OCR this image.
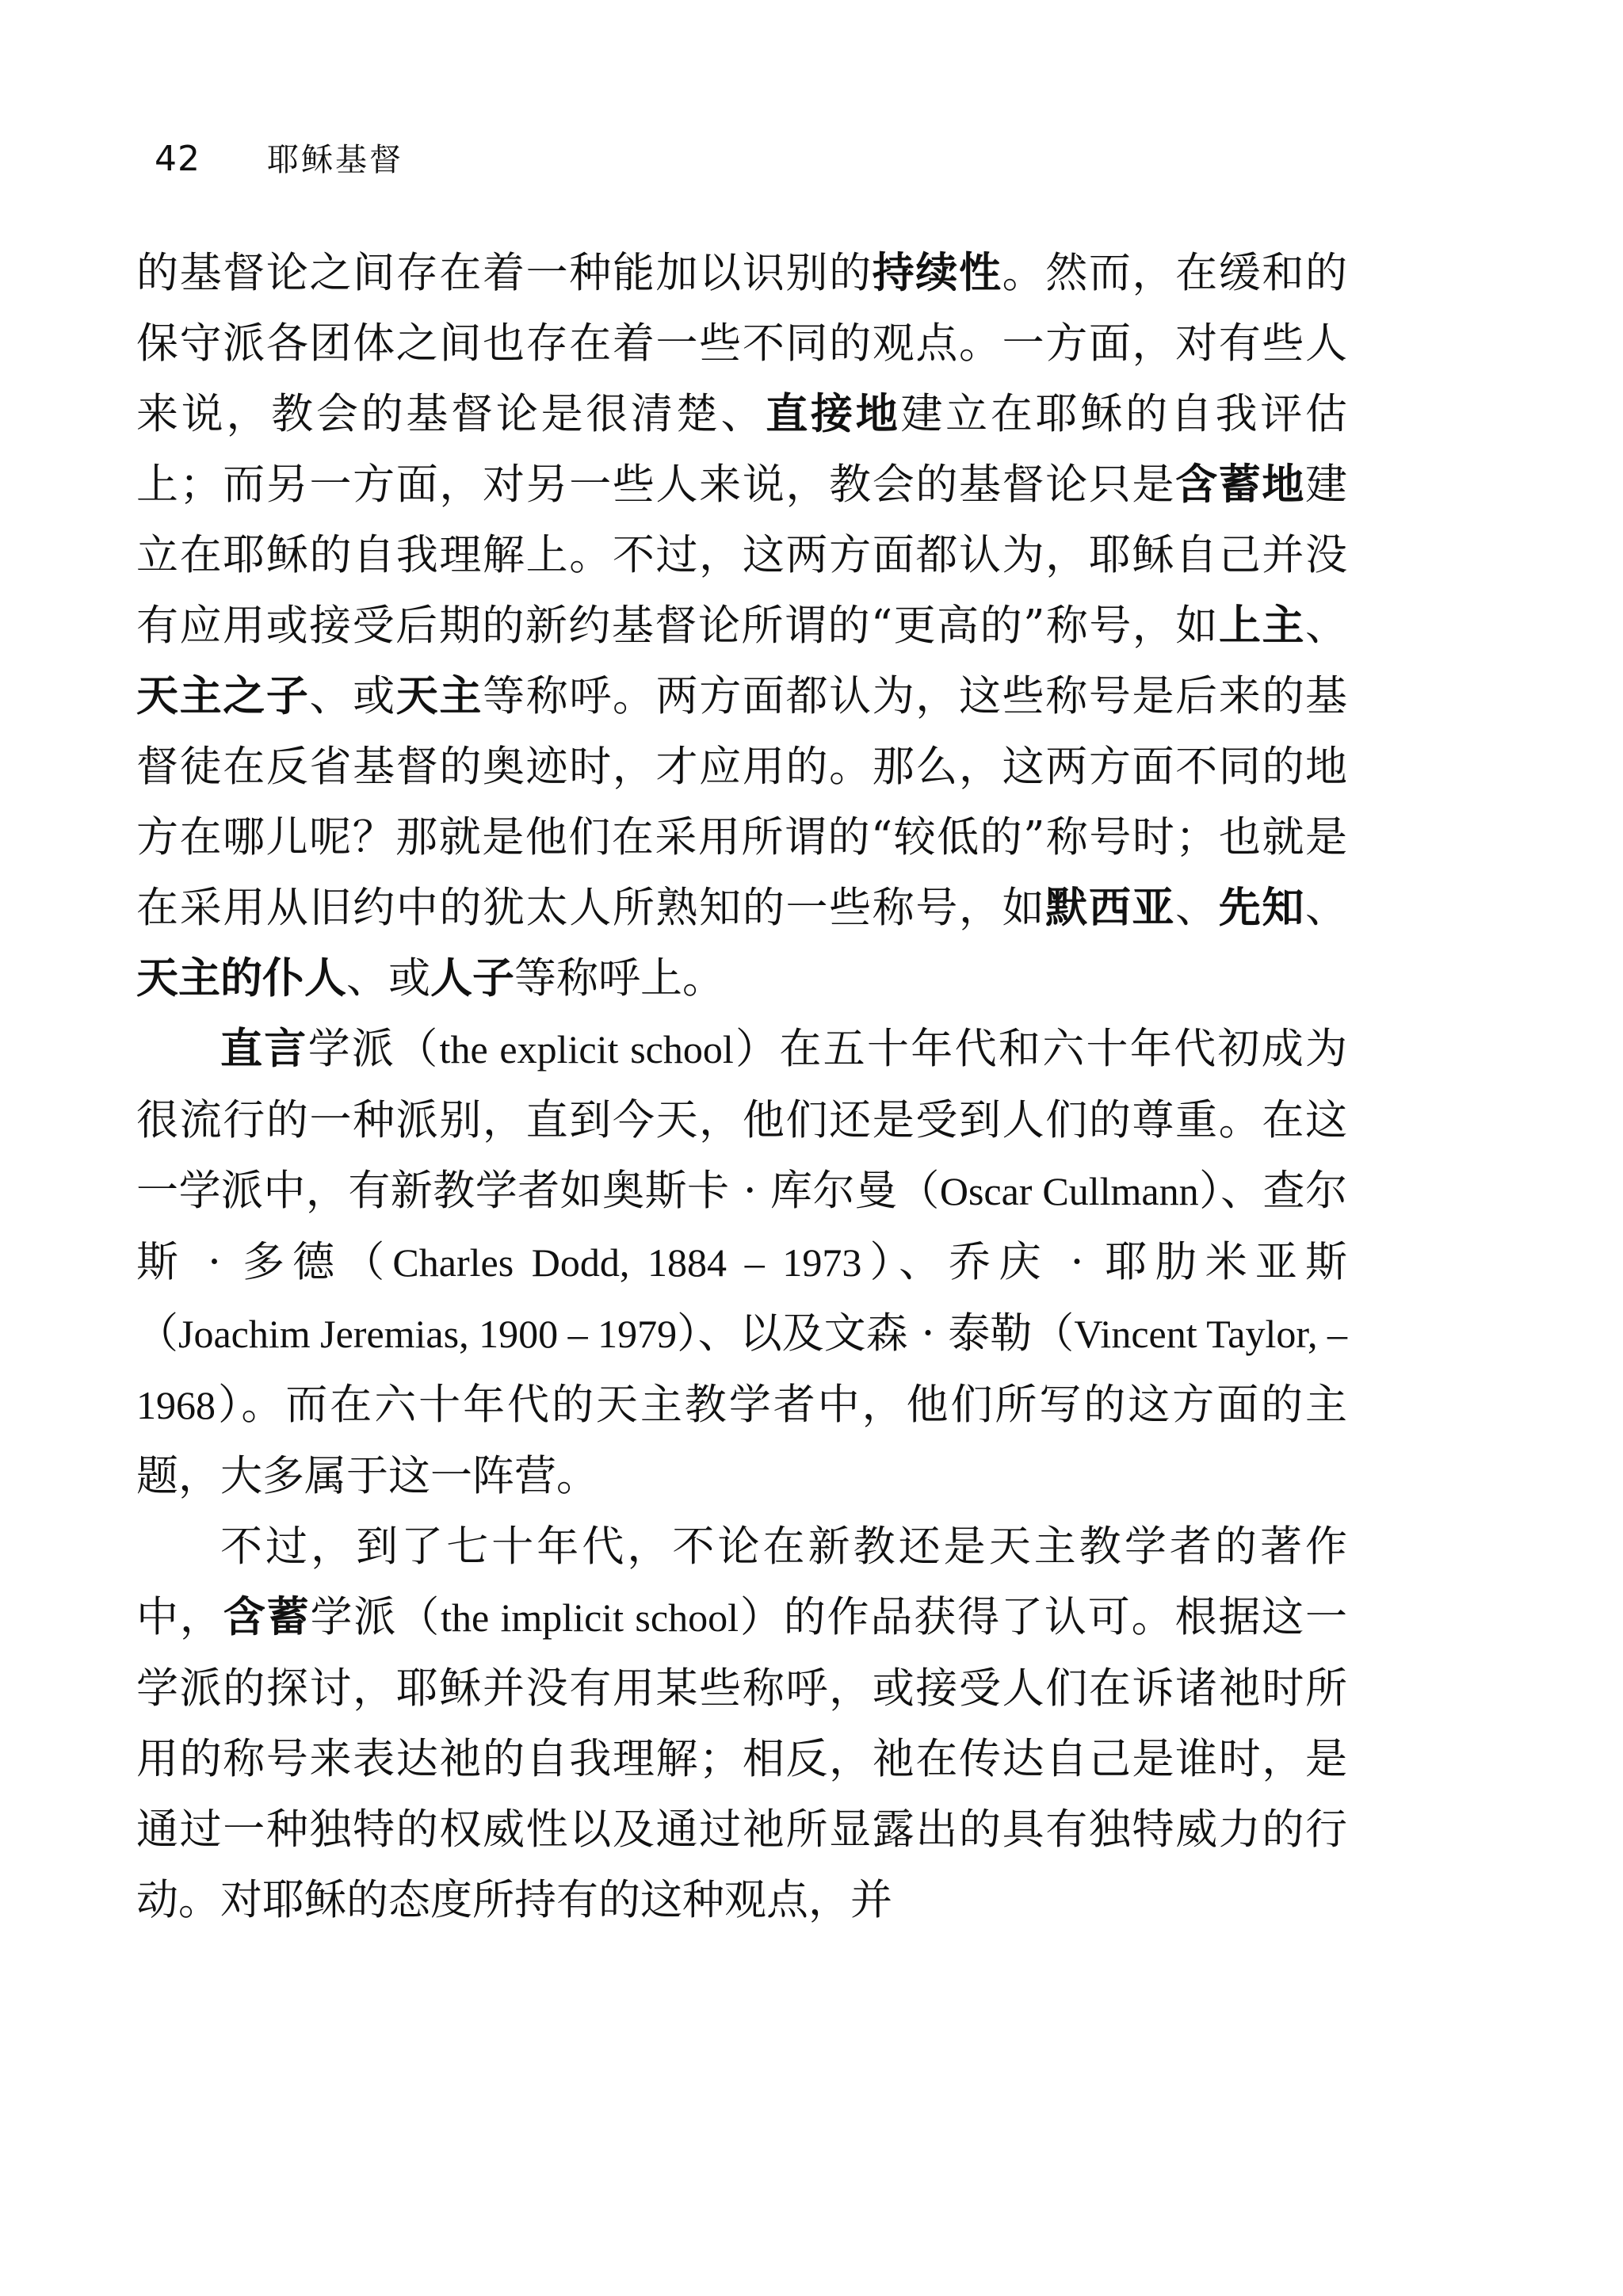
42 耶稣基督

的基督论之间存在着一种能加以识别的持续性。然而，在缓和的保守派各团体之间也存在着一些不同的观点。一方面，对有些人来说，教会的基督论是很清楚、直接地建立在耶稣的自我评估上；而另一方面，对另一些人来说，教会的基督论只是含蓄地建立在耶稣的自我理解上。不过，这两方面都认为，耶稣自己并没有应用或接受后期的新约基督论所谓的“更高的”称号，如上主、天主之子、或天主等称呼。两方面都认为，这些称号是后来的基督徒在反省基督的奥迹时，才应用的。那么，这两方面不同的地方在哪儿呢？那就是他们在采用所谓的“较低的”称号时；也就是在采用从旧约中的犹太人所熟知的一些称号，如默西亚、先知、天主的仆人、或人子等称呼上。

直言学派（the explicit school）在五十年代和六十年代初成为很流行的一种派别，直到今天，他们还是受到人们的尊重。在这一学派中，有新教学者如奥斯卡 · 库尔曼（Oscar Cullmann）、查尔斯 · 多德（Charles Dodd, 1884 – 1973）、乔庆 · 耶肋米亚斯（Joachim Jeremias, 1900 – 1979）、以及文森 · 泰勒（Vincent Taylor, – 1968）。而在六十年代的天主教学者中，他们所写的这方面的主题，大多属于这一阵营。

不过，到了七十年代，不论在新教还是天主教学者的著作中，含蓄学派（the implicit school）的作品获得了认可。根据这一学派的探讨，耶稣并没有用某些称呼，或接受人们在诉诸祂时所用的称号来表达祂的自我理解；相反，祂在传达自己是谁时，是通过一种独特的权威性以及通过祂所显露出的具有独特威力的行动。对耶稣的态度所持有的这种观点，并
